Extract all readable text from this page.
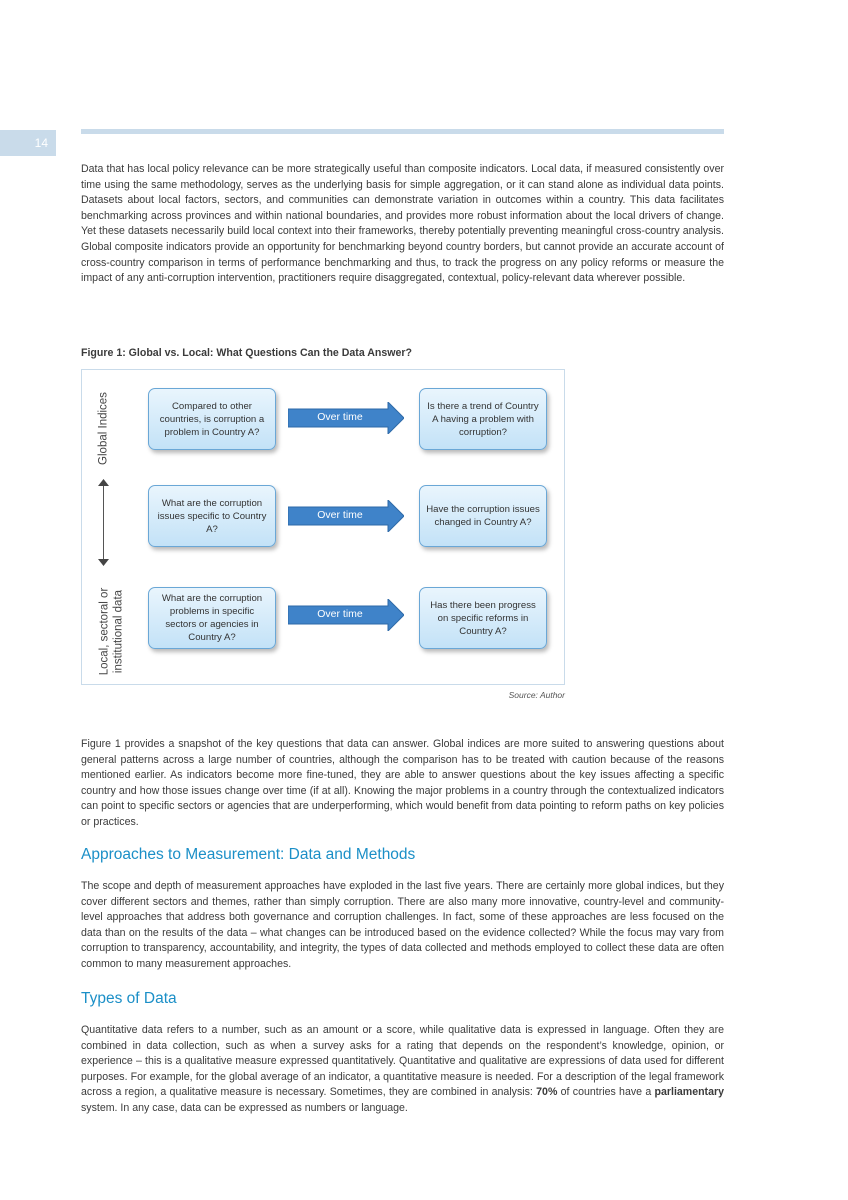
14

Data that has local policy relevance can be more strategically useful than composite indicators. Local data, if measured consistently over time using the same methodology, serves as the underlying basis for simple aggregation, or it can stand alone as individual data points. Datasets about local factors, sectors, and communities can demonstrate variation in outcomes within a country. This data facilitates benchmarking across provinces and within national boundaries, and provides more robust information about the local drivers of change. Yet these datasets necessarily build local context into their frameworks, thereby potentially preventing meaningful cross-country analysis. Global composite indicators provide an opportunity for benchmarking beyond country borders, but cannot provide an accurate account of cross-country comparison in terms of performance benchmarking and thus, to track the progress on any policy reforms or measure the impact of any anti-corruption intervention, practitioners require disaggregated, contextual, policy-relevant data wherever possible.

Figure 1: Global vs. Local: What Questions Can the Data Answer?
Global Indices
Local, sectoral or institutional data
Compared to other countries, is corruption a problem in Country A?
Over time
Is there a trend of Country A having a problem with corruption?
What are the corruption issues specific to Country A?
Over time	Have the corruption issues changed in Country A?
What are the corruption problems in specific sectors or agencies in Country A?
Over time
Has there been progress on specific reforms in Country A?
Source: Author

Figure 1 provides a snapshot of the key questions that data can answer. Global indices are more suited to answering questions about general patterns across a large number of countries, although the comparison has to be treated with caution because of the reasons mentioned earlier. As indicators become more fine-tuned, they are able to answer questions about the key issues affecting a specific country and how those issues change over time (if at all). Knowing the major problems in a country through the contextualized indicators can point to specific sectors or agencies that are underperforming, which would benefit from data pointing to reform paths on key policies or practices.

Approaches to Measurement: Data and Methods

The scope and depth of measurement approaches have exploded in the last five years. There are certainly more global indices, but they cover different sectors and themes, rather than simply corruption. There are also many more innovative, country-level and community-level approaches that address both governance and corruption challenges. In fact, some of these approaches are less focused on the data than on the results of the data – what changes can be introduced based on the evidence collected? While the focus may vary from corruption to transparency, accountability, and integrity, the types of data collected and methods employed to collect these data are often common to many measurement approaches.

Types of Data

Quantitative data refers to a number, such as an amount or a score, while qualitative data is expressed in language. Often they are combined in data collection, such as when a survey asks for a rating that depends on the respondent’s knowledge, opinion, or experience – this is a qualitative measure expressed quantitatively. Quantitative and qualitative are expressions of data used for different purposes. For example, for the global average of an indicator, a quantitative measure is needed. For a description of the legal framework across a region, a qualitative measure is necessary. Sometimes, they are combined in analysis: 70% of countries have a parliamentary system. In any case, data can be expressed as numbers or language.
